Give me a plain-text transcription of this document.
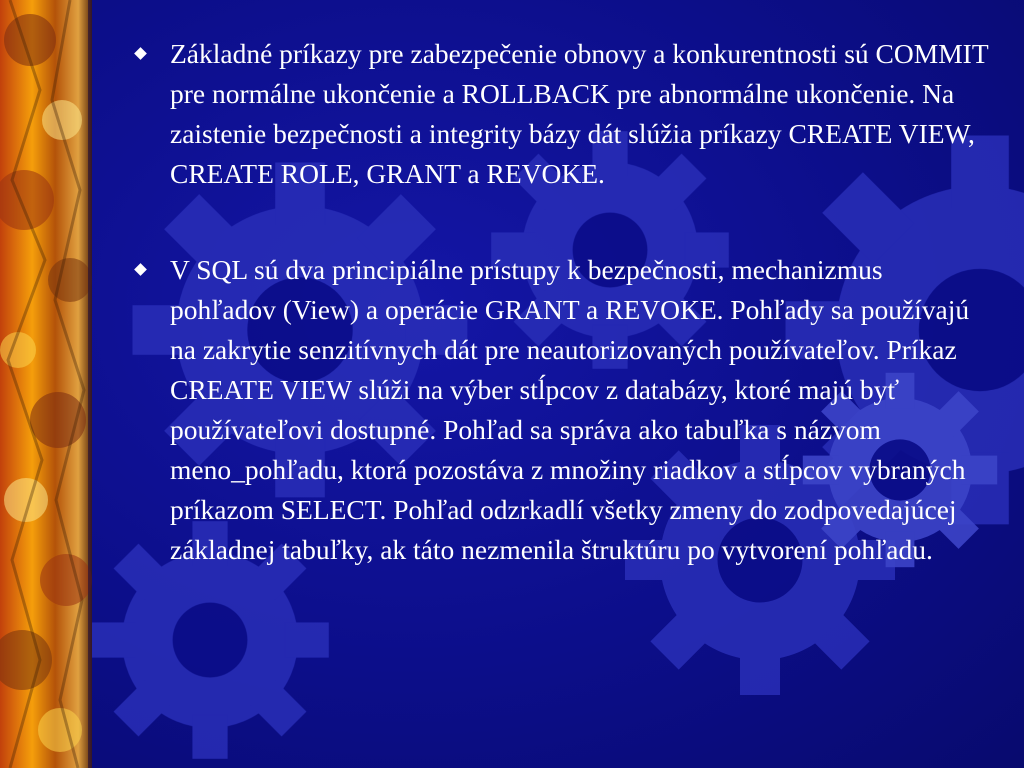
Základné príkazy pre zabezpečenie obnovy a konkurentnosti sú COMMIT pre normálne ukončenie a ROLLBACK pre abnormálne ukončenie. Na zaistenie bezpečnosti a integrity bázy dát slúžia príkazy CREATE VIEW, CREATE ROLE, GRANT a REVOKE.
V SQL sú dva principiálne prístupy k bezpečnosti, mechanizmus pohľadov (View) a operácie GRANT a REVOKE. Pohľady sa používajú na zakrytie senzitívnych dát pre neautorizovaných používateľov. Príkaz CREATE VIEW slúži na výber stĺpcov z databázy, ktoré majú byť používateľovi dostupné. Pohľad sa správa ako tabuľka s názvom meno_pohľadu, ktorá pozostáva z množiny riadkov a stĺpcov vybraných príkazom SELECT. Pohľad odzrkadlí všetky zmeny do zodpovedajúcej základnej tabuľky, ak táto nezmenila štruktúru po vytvorení pohľadu.
